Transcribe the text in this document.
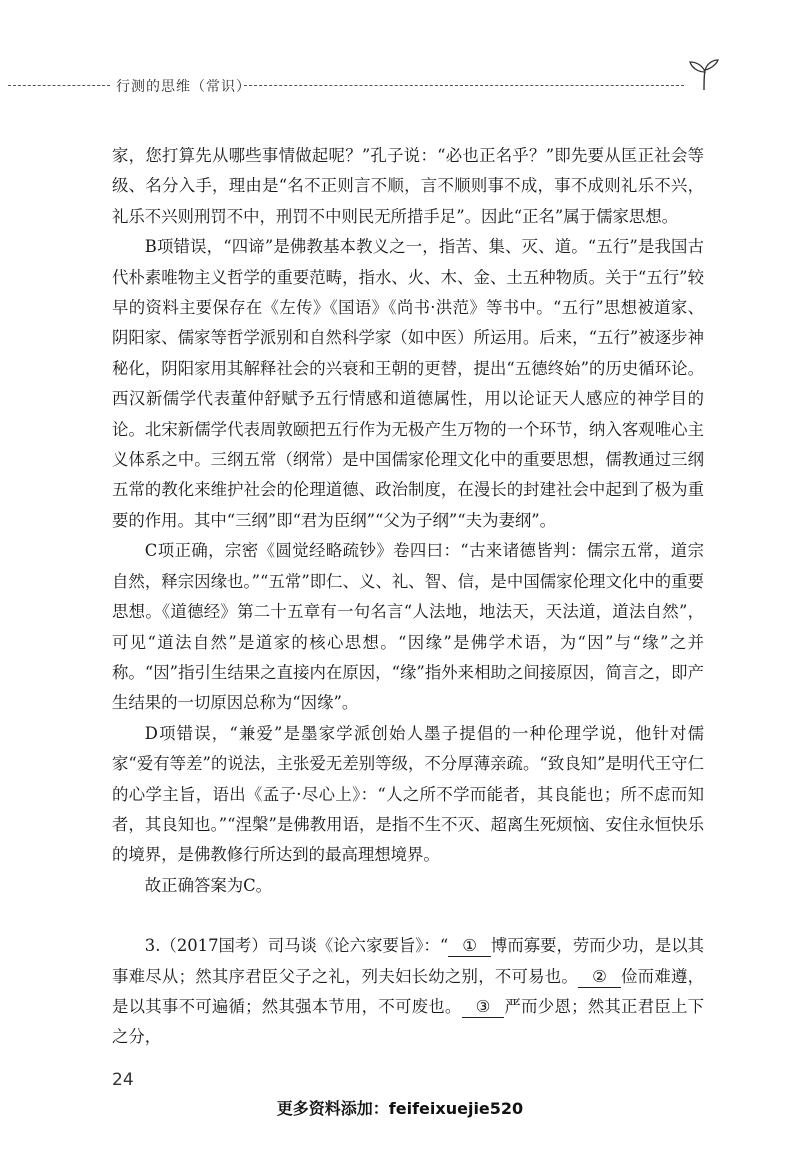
行测的思维（常识）

家，您打算先从哪些事情做起呢？”孔子说：“必也正名乎？”即先要从匡正社会等级、名分入手，理由是“名不正则言不顺，言不顺则事不成，事不成则礼乐不兴，礼乐不兴则刑罚不中，刑罚不中则民无所措手足”。因此“正名”属于儒家思想。

B项错误，“四谛”是佛教基本教义之一，指苦、集、灭、道。“五行”是我国古代朴素唯物主义哲学的重要范畴，指水、火、木、金、土五种物质。关于“五行”较早的资料主要保存在《左传》《国语》《尚书·洪范》等书中。“五行”思想被道家、阴阳家、儒家等哲学派别和自然科学家（如中医）所运用。后来，“五行”被逐步神秘化，阴阳家用其解释社会的兴衰和王朝的更替，提出“五德终始”的历史循环论。西汉新儒学代表董仲舒赋予五行情感和道德属性，用以论证天人感应的神学目的论。北宋新儒学代表周敦颐把五行作为无极产生万物的一个环节，纳入客观唯心主义体系之中。三纲五常（纲常）是中国儒家伦理文化中的重要思想，儒教通过三纲五常的教化来维护社会的伦理道德、政治制度，在漫长的封建社会中起到了极为重要的作用。其中“三纲”即“君为臣纲”“父为子纲”“夫为妻纲”。

C项正确，宗密《圆觉经略疏钞》卷四曰：“古来诸德皆判：儒宗五常，道宗自然，释宗因缘也。”“五常”即仁、义、礼、智、信，是中国儒家伦理文化中的重要思想。《道德经》第二十五章有一句名言“人法地，地法天，天法道，道法自然”，可见“道法自然”是道家的核心思想。“因缘”是佛学术语，为“因”与“缘”之并称。“因”指引生结果之直接内在原因，“缘”指外来相助之间接原因，简言之，即产生结果的一切原因总称为“因缘”。

D项错误，“兼爱”是墨家学派创始人墨子提倡的一种伦理学说，他针对儒家“爱有等差”的说法，主张爱无差别等级，不分厚薄亲疏。“致良知”是明代王守仁的心学主旨，语出《孟子·尽心上》：“人之所不学而能者，其良能也；所不虑而知者，其良知也。”“涅槃”是佛教用语，是指不生不灭、超离生死烦恼、安住永恒快乐的境界，是佛教修行所达到的最高理想境界。

故正确答案为C。

3.（2017国考）司马谈《论六家要旨》：“ ① 博而寡要，劳而少功，是以其事难尽从；然其序君臣父子之礼，列夫妇长幼之别，不可易也。 ② 俭而难遵，是以其事不可遍循；然其强本节用，不可废也。 ③ 严而少恩；然其正君臣上下之分，

24
更多资料添加：feifeixuejie520
